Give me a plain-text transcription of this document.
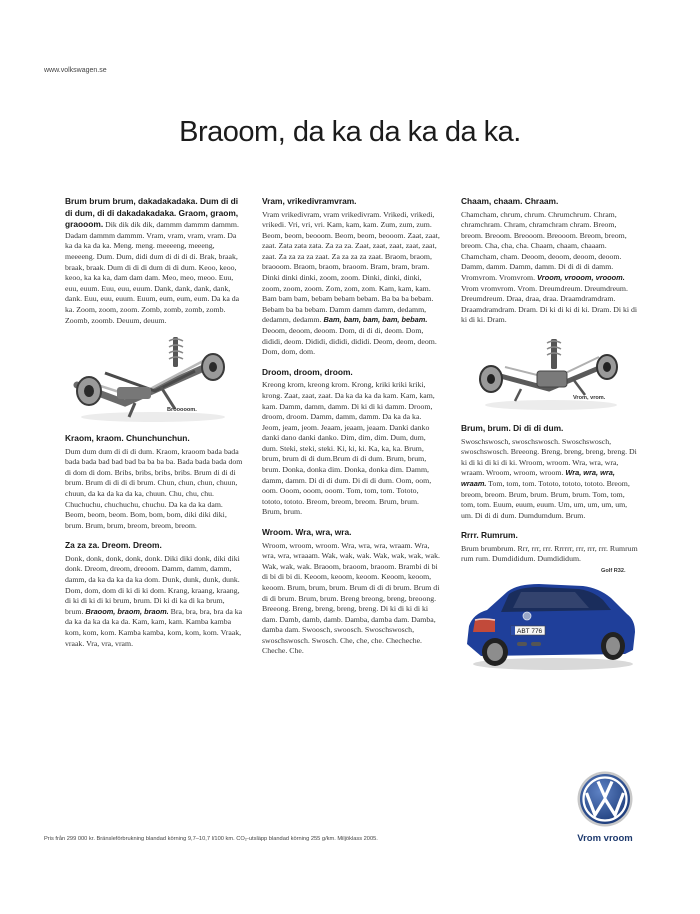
www.volkswagen.se
Braoom, da ka da ka da ka.

Brum brum brum, dakadakadaka. Dum di di di dum, di di dakadakadaka. Graom, graom, graooom. Dik dik dik dik, dammm dammm dammm. Dadam dammm dammm. Vram, vram, vram, vram. Da ka da ka da ka. Meng. meng. meeeeng, meeeng, meeeeng. Dum. Dum, didi dum di di di di. Brak, braak, braak, braak. Dum di di di dum di di dum. Keoo, keoo, keoo, ka ka ka, dam dam dam. Meo, meo, meoo. Euu, euu, euum. Euu, euu, euum. Dank, dank, dank, dank, dank. Euu, euu, euum. Euum, eum, eum, eum. Da ka da ka. Zoom, zoom, zoom. Zomb, zomb, zomb, zomb. Zoomb, zoomb. Deuum, deuum.

Brooooom.

Kraom, kraom. Chunchunchun.

Dum dum dum di di di dum. Kraom, kraoom bada bada bada bada bad bad bad ba ba ba ba. Bada bada bada dom di dom di dom. Bribs, bribs, bribs, bribs. Brum di di di brum. Brum di di di di brum. Chun, chun, chun, chuun, chuun, da ka da ka da ka, chuun. Chu, chu, chu. Chuchuchu, chuchuchu, chuchu. Da ka da ka dam. Beom, beom, beom. Bom, bom, bom, diki diki diki, brum. Brum, brum, breom, breom, breom.

Za za za. Dreom. Dreom.

Donk, donk, donk, donk, donk. Diki diki donk, diki diki donk. Dreom, dreom, dreoom. Damm, damm, damm, damm, da ka da ka da ka dom. Dunk, dunk, dunk, dunk. Dom, dom, dom di ki di ki dom. Krang, kraang, kraang, di ki di ki di ki brum, brum. Di ki di ka di ka brum, brum. Braoom, braom, braom. Bra, bra, bra, bra da ka da ka da ka da ka da. Kam, kam, kam. Kamba kamba kom, kom, kom. Kamba kamba, kom, kom, kom. Vraak, vraak. Vra, vra, vram.

Vram, vrikedivramvram.

Vram vrikedivram, vram vrikedivram. Vrikedi, vrikedi, vrikedi. Vri, vri, vri. Kam, kam, kam. Zum, zum, zum. Beom, beom, beooom. Beom, beom, beooom. Zaat, zaat, zaat. Zata zata zata. Za za za. Zaat, zaat, zaat, zaat, zaat, zaat. Za za za za zaat. Za za za za zaat. Braom, braom, braooom. Braom, braom, braoom. Bram, bram, bram. Dinki dinki dinki, zoom, zoom. Dinki, dinki, dinki, zoom, zoom, zoom. Zom, zom, zom. Kam, kam, kam. Bam bam bam, bebam bebam bebam. Ba ba ba bebam. Bebam ba ba bebam. Damm damm damm, dedamm, dedamm, dedamm. Bam, bam, bam, bam, bebam. Deoom, deoom, deoom. Dom, di di di, deom. Dom, dididi, deom. Dididi, dididi, dididi. Deom, deom, deom. Dom, dom, dom.

Droom, droom, droom.

Kreong krom, kreong krom. Krong, kriki kriki kriki, krong. Zaat, zaat, zaat. Da ka da ka da kam. Kam, kam, kam. Damm, damm, damm. Di ki di ki damm. Droom, droom, droom. Damm, damm, damm. Da ka da ka. Jeom, jeam, jeom. Jeaam, jeaam, jeaam. Danki danko danki dano danki danko. Dim, dim, dim. Dum, dum, dum. Steki, steki, steki. Ki, ki, ki. Ka, ka, ka. Brum, brum, brum di di dum.Brum di di dum. Brum, brum, brum. Donka, donka dim. Donka, donka dim. Damm, damm, damm. Di di di dum. Di di di dum. Oom, oom, oom. Ooom, ooom, ooom. Tom, tom, tom. Tototo, tototo, tototo. Breom, breom, breom. Brum, brum. Brum, brum.

Wroom. Wra, wra, wra.

Wroom, wroom, wroom. Wra, wra, wra, wraam. Wra, wra, wra, wraaam. Wak, wak, wak. Wak, wak, wak, wak. Wak, wak, wak. Braoom, braoom, braoom. Brambi di bi di bi di bi di. Keoom, keoom, keoom. Keoom, keoom, keoom. Brum, brum, brum. Brum di di di brum. Brum di di di brum. Brum, brum. Breng breong, breng, breoong. Breeong. Breng, breng, breng, breng. Di ki di ki di ki dam. Damb, damb, damb. Damba, damba dam. Damba, damba dam. Swoosch, swoosch. Swoschswosch, swoschswosch. Swosch. Che, che, che. Checheche. Cheche. Che.

Chaam, chaam. Chraam.

Chamcham, chrum, chrum. Chrumchrum. Chram, chramchram. Chram, chramchram chram. Breom, breom. Breoom. Breooom. Breooom. Breom, breom, breom. Cha, cha, cha. Chaam, chaam, chaaam. Chamcham, cham. Deoom, deoom, deoom, deoom. Damm, damm. Damm, damm. Di di di di damm. Vromvrom. Vromvrom. Vroom, vrooom, vrooom. Vrom vromvrom. Vrom. Dreumdreum. Dreumdreum. Dreumdreum. Draa, draa, draa. Draamdramdram. Draamdramdram. Dram. Di ki di ki di ki. Dram. Di ki di ki di ki. Dram.

Vrom, vrom.

Brum, brum. Di di di dum.

Swoschswosch, swoschswosch. Swoschswosch, swoschswosch. Breeong. Breng, breng, breng, breng. Di ki di ki di ki di ki. Wroom, wroom. Wra, wra, wra, wraam. Wroom, wroom, wroom. Wra, wra, wra, wraam. Tom, tom, tom. Tototo, tototo, tototo. Breom, breom, breom. Brum, brum. Brum, brum. Tom, tom, tom, tom. Euum, euum, euum. Um, um, um, um, um, um. Di di di dum. Dumdumdum. Brum.

Rrrr. Rumrum.

Brum brumbrum. Rrr, rrr, rrr. Rrrrrr, rrr, rrr, rrr. Rumrum rum rum. Dumdididum. Dumdididum.

ABT 776
Golf R32.
Pris från 299 000 kr. Bränsleförbrukning blandad körning 9,7–10,7 l/100 km. CO₂-utsläpp blandad körning 255 g/km. Miljöklass 2005.	Vrom vroom
